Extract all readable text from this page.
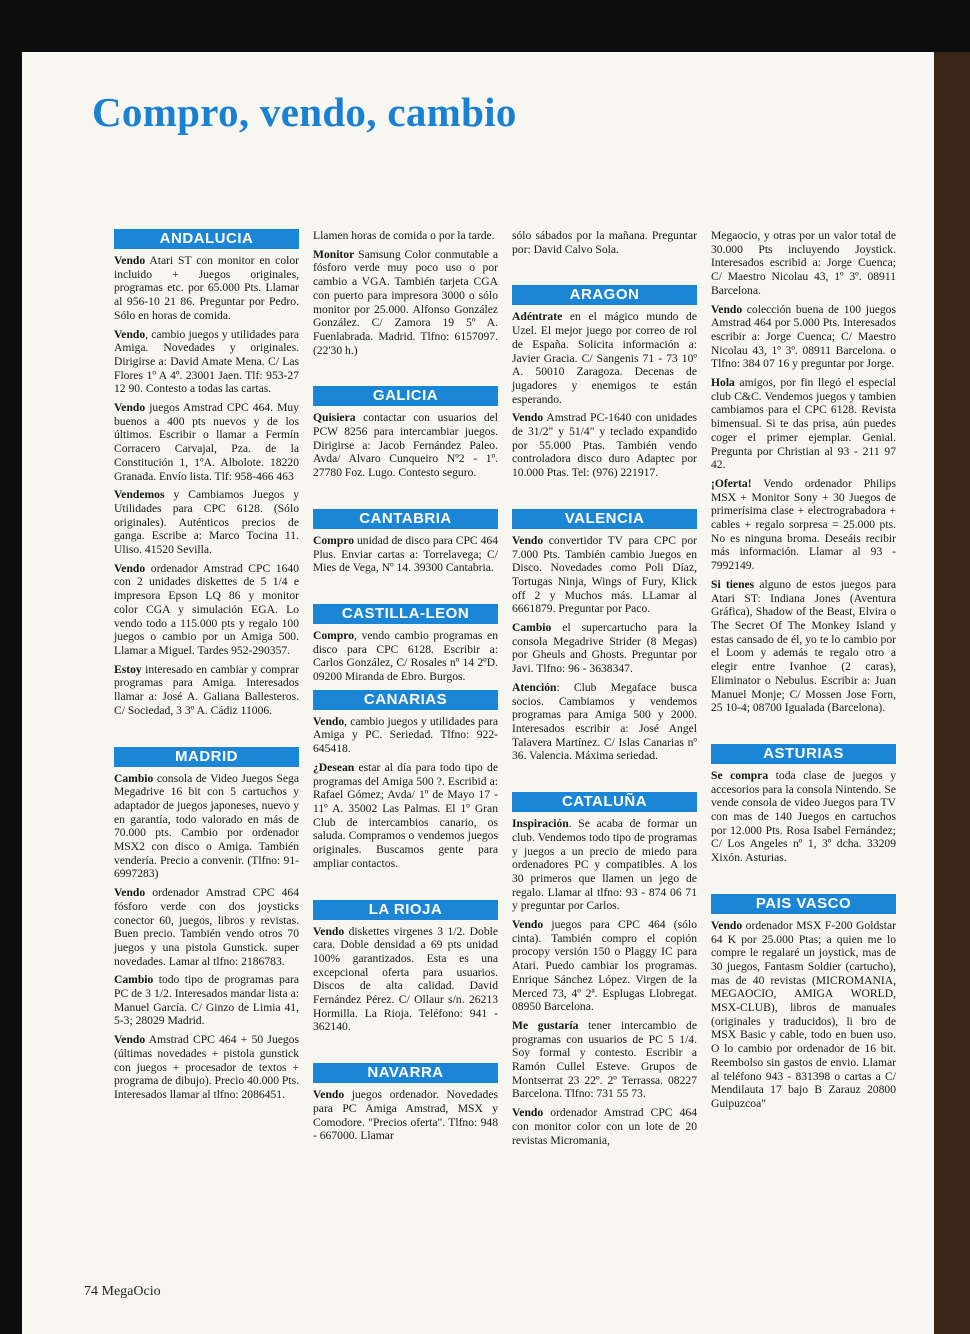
Compro, vendo, cambio
ANDALUCIA

Vendo Atari ST con monitor en color incluido + Juegos originales, programas etc. por 65.000 Pts. Llamar al 956-10 21 86. Preguntar por Pedro. Sólo en horas de comida.

Vendo, cambio juegos y utilidades para Amiga. Novedades y originales. Dirigirse a: David Amate Mena. C/ Las Flores 1º A 4º. 23001 Jaen. Tlf: 953-27 12 90. Contesto a todas las cartas.

Vendo juegos Amstrad CPC 464. Muy buenos a 400 pts nuevos y de los últimos. Escribir o llamar a Fermín Corracero Carvajal, Pza. de la Constitución 1, 1ºA. Albolote. 18220 Granada. Envío lista. Tlf: 958-466 463

Vendemos y Cambiamos Juegos y Utilidades para CPC 6128. (Sólo originales). Auténticos precios de ganga. Escribe a: Marco Tocina 11. Uliso. 41520 Sevilla.

Vendo ordenador Amstrad CPC 1640 con 2 unidades diskettes de 5 1/4 e impresora Epson LQ 86 y monitor color CGA y simulación EGA. Lo vendo todo a 115.000 pts y regalo 100 juegos o cambio por un Amiga 500. Llamar a Miguel. Tardes 952-290357.

Estoy interesado en cambiar y comprar programas para Amiga. Interesados llamar a: José A. Galiana Ballesteros. C/ Sociedad, 3 3º A. Cádiz 11006.

MADRID

Cambio consola de Video Juegos Sega Megadrive 16 bit con 5 cartuchos y adaptador de juegos japoneses, nuevo y en garantía, todo valorado en más de 70.000 pts. Cambio por ordenador MSX2 con disco o Amiga. También vendería. Precio a convenir. (Tlfno: 91-6997283)

Vendo ordenador Amstrad CPC 464 fósforo verde con dos joysticks conector 60, juegos, libros y revistas. Buen precio. También vendo otros 70 juegos y una pistola Gunstick. super novedades. Lamar al tlfno: 2186783.

Cambio todo tipo de programas para PC de 3 1/2. Interesados mandar lista a: Manuel García. C/ Ginzo de Limia 41, 5-3; 28029 Madrid.

Vendo Amstrad CPC 464 + 50 Juegos (últimas novedades + pistola gunstick con juegos + procesador de textos + programa de dibujo). Precio 40.000 Pts. Interesados llamar al tlfno: 2086451.

Llamen horas de comida o por la tarde.

Monitor Samsung Color conmutable a fósforo verde muy poco uso o por cambio a VGA. También tarjeta CGA con puerto para impresora 3000 o sólo monitor por 25.000. Alfonso González González. C/ Zamora 19 5º A. Fuenlabrada. Madrid. Tlfno: 6157097. (22'30 h.)

GALICIA

Quisiera contactar con usuarios del PCW 8256 para intercambiar juegos. Dirigirse a: Jacob Fernández Paleo. Avda/ Alvaro Cunqueiro Nº2 - 1º. 27780 Foz. Lugo. Contesto seguro.

CANTABRIA

Compro unidad de disco para CPC 464 Plus. Enviar cartas a: Torrelavega; C/ Mies de Vega, Nº 14. 39300 Cantabria.

CASTILLA-LEON

Compro, vendo cambio programas en disco para CPC 6128. Escribir a: Carlos González, C/ Rosales nº 14 2ºD. 09200 Miranda de Ebro. Burgos.

CANARIAS

Vendo, cambio juegos y utilidades para Amiga y PC. Seriedad. Tlfno: 922-645418.

¿Desean estar al día para todo tipo de programas del Amiga 500 ?. Escribid a: Rafael Gómez; Avda/ 1º de Mayo 17 - 11º A. 35002 Las Palmas. El 1º Gran Club de intercambios canario, os saluda. Compramos o vendemos juegos originales. Buscamos gente para ampliar contactos.

LA RIOJA

Vendo diskettes virgenes 3 1/2. Doble cara. Doble densidad a 69 pts unidad 100% garantizados. Esta es una excepcional oferta para usuarios. Discos de alta calidad. David Fernández Pérez. C/ Ollaur s/n. 26213 Hormilla. La Rioja. Teléfono: 941 - 362140.

NAVARRA

Vendo juegos ordenador. Novedades para PC Amiga Amstrad, MSX y Comodore. "Precios oferta". Tlfno: 948 - 667000. Llamar

sólo sábados por la mañana. Preguntar por: David Calvo Sola.

ARAGON

Adéntrate en el mágico mundo de Uzel. El mejor juego por correo de rol de España. Solicita información a: Javier Gracia. C/ Sangenis 71 - 73 10º A. 50010 Zaragoza. Decenas de jugadores y enemigos te están esperando.

Vendo Amstrad PC-1640 con unidades de 31/2" y 51/4" y teclado expandido por 55.000 Ptas. También vendo controladora disco duro Adaptec por 10.000 Ptas. Tel: (976) 221917.

VALENCIA

Vendo convertidor TV para CPC por 7.000 Pts. También cambio Juegos en Disco. Novedades como Poli Díaz, Tortugas Ninja, Wings of Fury, Klick off 2 y Muchos más. LLamar al 6661879. Preguntar por Paco.

Cambio el supercartucho para la consola Megadrive Strider (8 Megas) por Gheuls and Ghosts. Preguntar por Javi. Tlfno: 96 - 3638347.

Atención: Club Megaface busca socios. Cambiamos y vendemos programas para Amiga 500 y 2000. Interesados escribir a: José Angel Talavera Martínez. C/ Islas Canarias nº 36. Valencia. Máxima seriedad.

CATALUÑA

Inspiración. Se acaba de formar un club. Vendemos todo tipo de programas y juegos a un precio de miedo para ordenadores PC y compatibles. A los 30 primeros que llamen un jego de regalo. Llamar al tlfno: 93 - 874 06 71 y preguntar por Carlos.

Vendo juegos para CPC 464 (sólo cinta). También compro el copión procopy versión 150 o Plaggy IC para Atari. Puedo cambiar los programas. Enrique Sánchez López. Virgen de la Merced 73, 4º 2ª. Esplugas Llobregat. 08950 Barcelona.

Me gustaría tener intercambio de programas con usuarios de PC 5 1/4. Soy formal y contesto. Escribir a Ramón Cullel Esteve. Grupos de Montserrat 23 22º. 2º Terrassa. 08227 Barcelona. Tlfno: 731 55 73.

Vendo ordenador Amstrad CPC 464 con monitor color con un lote de 20 revistas Micromania,

Megaocio, y otras por un valor total de 30.000 Pts incluyendo Joystick. Interesados escribid a: Jorge Cuenca; C/ Maestro Nicolau 43, 1º 3º. 08911 Barcelona.

Vendo colección buena de 100 juegos Amstrad 464 por 5.000 Pts. Interesados escribir a: Jorge Cuenca; C/ Maestro Nicolau 43, 1º 3º. 08911 Barcelona. o Tlfno: 384 07 16 y preguntar por Jorge.

Hola amigos, por fin llegó el especial club C&C. Vendemos juegos y tambien cambiamos para el CPC 6128. Revista bimensual. Si te das prisa, aún puedes coger el primer ejemplar. Genial. Pregunta por Christian al 93 - 211 97 42.

¡Oferta! Vendo ordenador Philips MSX + Monitor Sony + 30 Juegos de primerísima clase + electrograbadora + cables + regalo sorpresa = 25.000 pts. No es ninguna broma. Deseáis recibir más información. Llamar al 93 - 7992149.

Si tienes alguno de estos juegos para Atari ST: Indiana Jones (Aventura Gráfica), Shadow of the Beast, Elvira o The Secret Of The Monkey Island y estas cansado de él, yo te lo cambio por el Loom y además te regalo otro a elegir entre Ivanhoe (2 caras), Eliminator o Nebulus. Escribir a: Juan Manuel Monje; C/ Mossen Jose Forn, 25 10-4; 08700 Igualada (Barcelona).

ASTURIAS

Se compra toda clase de juegos y accesorios para la consola Nintendo. Se vende consola de video Juegos para TV con mas de 140 Juegos en cartuchos por 12.000 Pts. Rosa Isabel Fernández; C/ Los Angeles nº 1, 3º dcha. 33209 Xixón. Asturias.

PAIS VASCO

Vendo ordenador MSX F-200 Goldstar 64 K por 25.000 Ptas; a quien me lo compre le regalaré un joystick, mas de 30 juegos, Fantasm Soldier (cartucho), mas de 40 revistas (MICROMANIA, MEGAOCIO, AMIGA WORLD, MSX-CLUB), libros de manuales (originales y traducidos), li bro de MSX Basic y cable, todo en buen uso. O lo cambio por ordenador de 16 bit. Reembolso sin gastos de envio. Llamar al teléfono 943 - 831398 o cartas a C/ Mendilauta 17 bajo B Zarauz 20800 Guipuzcoa"

74 MegaOcio
